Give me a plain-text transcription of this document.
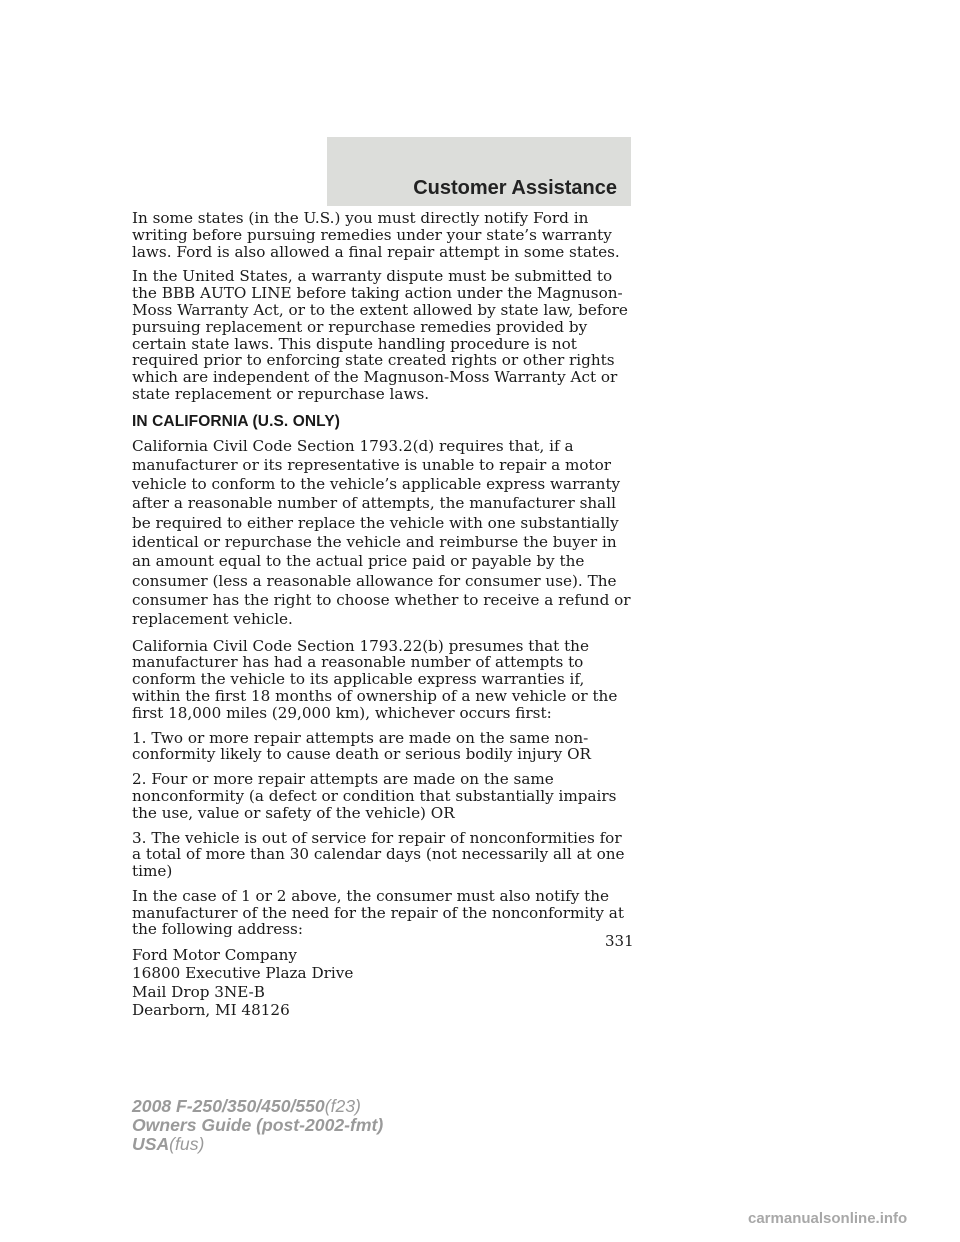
Customer Assistance

In some states (in the U.S.) you must directly notify Ford in writing before pursuing remedies under your state’s warranty laws. Ford is also allowed a final repair attempt in some states.

In the United States, a warranty dispute must be submitted to the BBB AUTO LINE before taking action under the Magnuson-Moss Warranty Act, or to the extent allowed by state law, before pursuing replacement or repurchase remedies provided by certain state laws. This dispute handling procedure is not required prior to enforcing state created rights or other rights which are independent of the Magnuson-Moss Warranty Act or state replacement or repurchase laws.

IN CALIFORNIA (U.S. ONLY)

California Civil Code Section 1793.2(d) requires that, if a manufacturer or its representative is unable to repair a motor vehicle to conform to the vehicle’s applicable express warranty after a reasonable number of attempts, the manufacturer shall be required to either replace the vehicle with one substantially identical or repurchase the vehicle and reimburse the buyer in an amount equal to the actual price paid or payable by the consumer (less a reasonable allowance for consumer use). The consumer has the right to choose whether to receive a refund or replacement vehicle.

California Civil Code Section 1793.22(b) presumes that the manufacturer has had a reasonable number of attempts to conform the vehicle to its applicable express warranties if, within the first 18 months of ownership of a new vehicle or the first 18,000 miles (29,000 km), whichever occurs first:

1. Two or more repair attempts are made on the same non-conformity likely to cause death or serious bodily injury OR

2. Four or more repair attempts are made on the same nonconformity (a defect or condition that substantially impairs the use, value or safety of the vehicle) OR

3. The vehicle is out of service for repair of nonconformities for a total of more than 30 calendar days (not necessarily all at one time)

In the case of 1 or 2 above, the consumer must also notify the manufacturer of the need for the repair of the nonconformity at the following address:

Ford Motor Company
16800 Executive Plaza Drive
Mail Drop 3NE-B
Dearborn, MI 48126
331
2008 F-250/350/450/550(f23)
Owners Guide (post-2002-fmt)
USA(fus)
carmanualsonline.info
